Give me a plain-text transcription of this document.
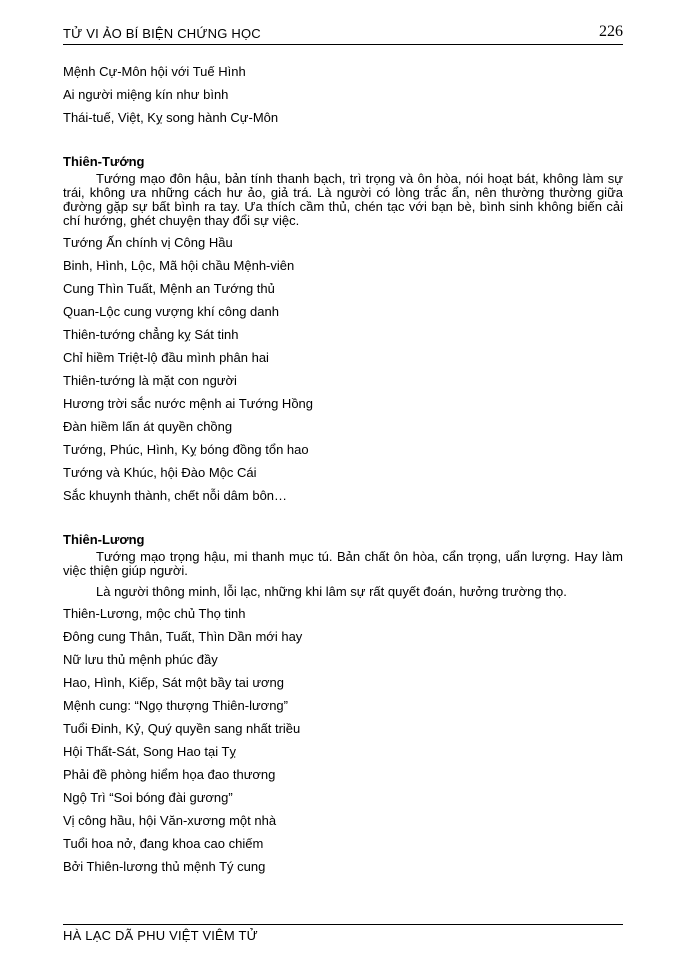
TỬ VI ẢO BÍ BIỆN CHỨNG HỌC	226
Mệnh Cự-Môn hội với Tuế Hình
Ai người miệng kín như bình
Thái-tuế, Việt, Kỵ song hành Cự-Môn
Thiên-Tướng
Tướng mạo đôn hậu, bản tính thanh bạch, trì trọng và ôn hòa, nói hoạt bát, không làm sự trái, không ưa những cách hư ảo, giả trá. Là người có lòng trắc ẩn, nên thường thường giữa đường gặp sự bất bình ra tay. Ưa thích cầm thủ, chén tạc với bạn bè, bình sinh không biến cải chí hướng, ghét chuyện thay đổi sự việc.
Tướng Ấn chính vị Công Hầu
Binh, Hình, Lộc, Mã hội chầu Mệnh-viên
Cung Thìn Tuất, Mệnh an Tướng thủ
Quan-Lộc cung vượng khí công danh
Thiên-tướng chẳng kỵ Sát tinh
Chỉ hiềm Triệt-lộ đầu mình phân hai
Thiên-tướng là mặt con người
Hương trời sắc nước mệnh ai Tướng Hồng
Đàn hiềm lấn át quyền chồng
Tướng, Phúc, Hình, Kỵ bóng đồng tổn hao
Tướng và Khúc, hội Đào Mộc Cái
Sắc khuynh thành, chết nỗi dâm bôn…
Thiên-Lương
Tướng mạo trọng hậu, mi thanh mục tú. Bản chất ôn hòa, cẩn trọng, uẩn lượng. Hay làm việc thiện giúp người.
Là người thông minh, lỗi lạc, những khi lâm sự rất quyết đoán, hưởng trường thọ.
Thiên-Lương, mộc chủ Thọ tinh
Đông cung Thân, Tuất, Thìn Dần mới hay
Nữ lưu thủ mệnh phúc đầy
Hao, Hình, Kiếp, Sát một bầy tai ương
Mệnh cung: “Ngọ thượng Thiên-lương”
Tuổi Đinh, Kỷ, Quý quyền sang nhất triều
Hội Thất-Sát, Song Hao tại Tỵ
Phải đề phòng hiểm họa đao thương
Ngộ Trì “Soi bóng đài gương”
Vị công hầu, hội Văn-xương một nhà
Tuổi hoa nở, đang khoa cao chiếm
Bởi Thiên-lương thủ mệnh Tý cung
HÀ LẠC DÃ PHU VIỆT VIÊM TỬ
